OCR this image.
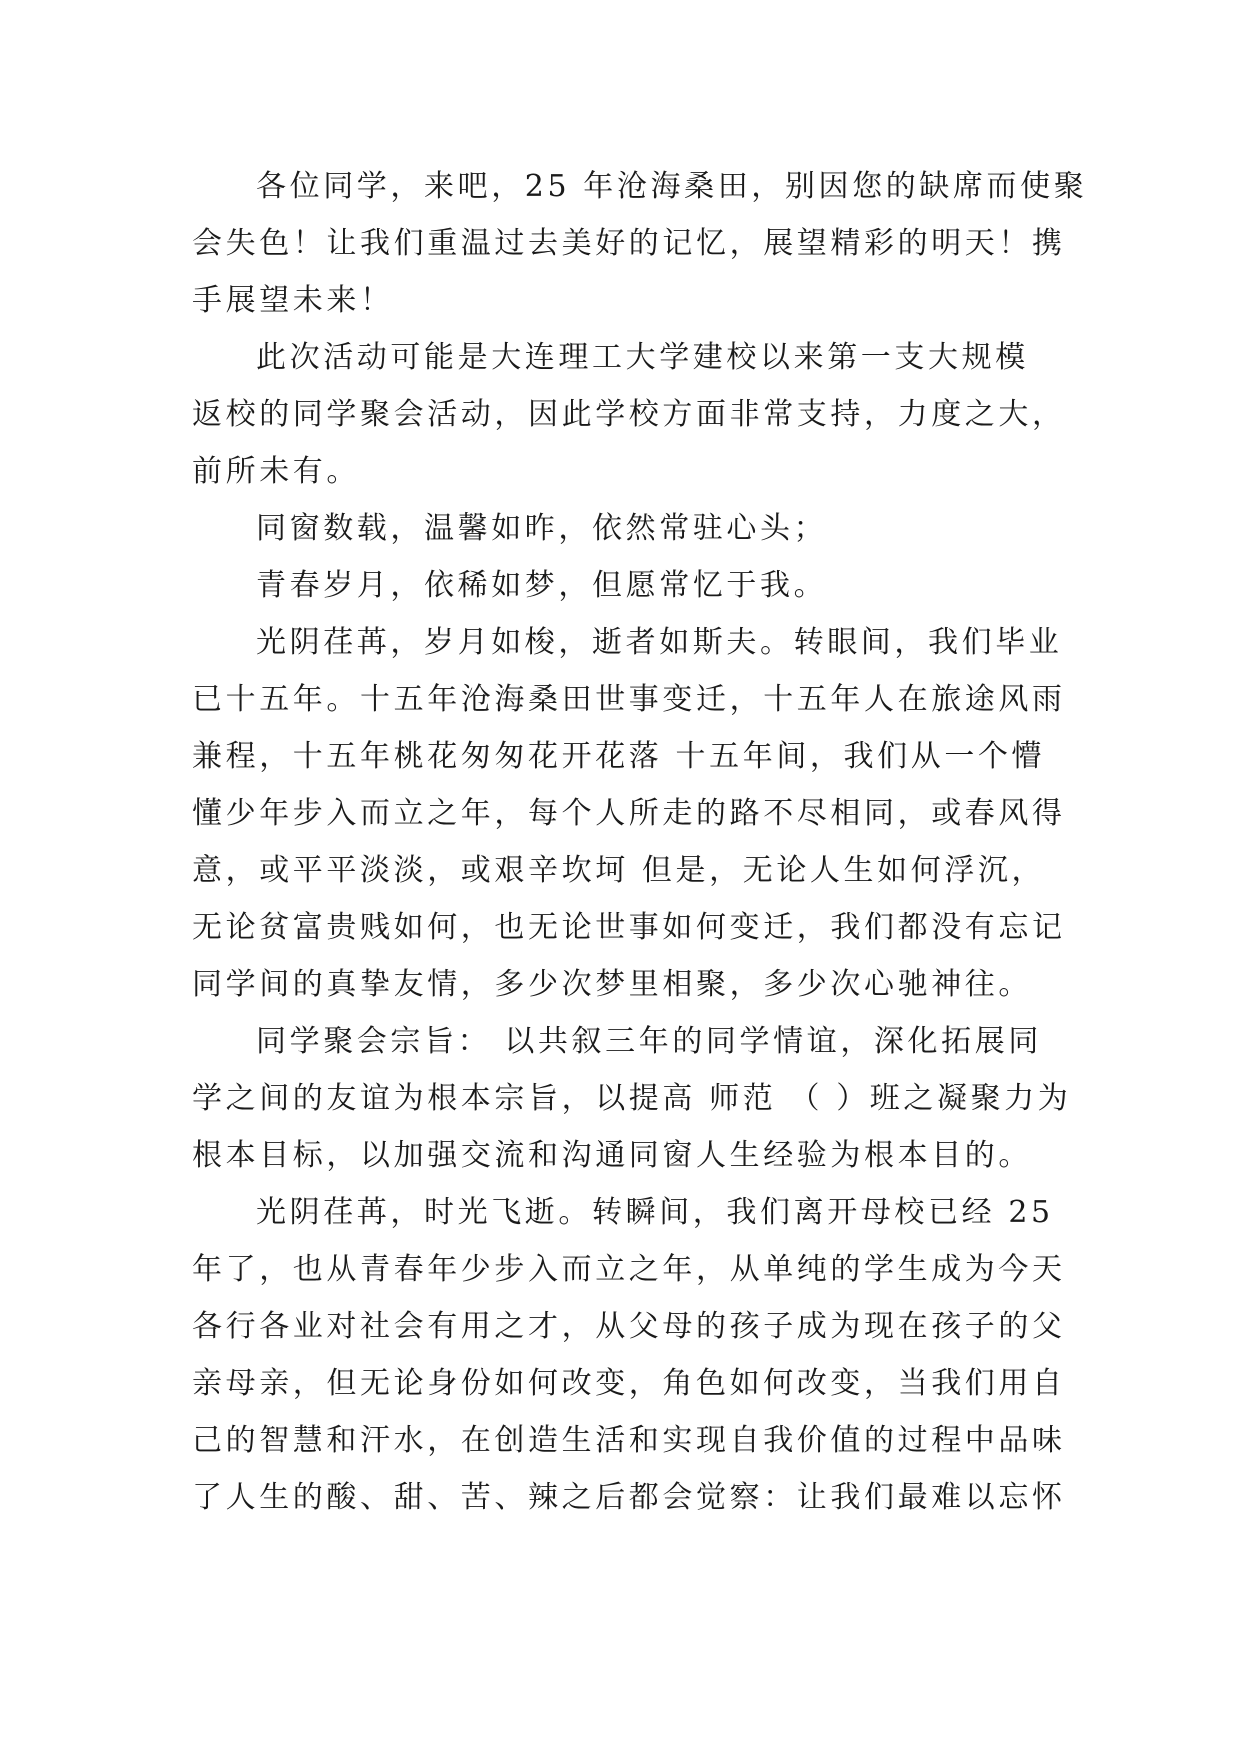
各位同学，来吧，25 年沧海桑田，别因您的缺席而使聚
会失色！让我们重温过去美好的记忆，展望精彩的明天！携
手展望未来！
此次活动可能是大连理工大学建校以来第一支大规模
返校的同学聚会活动，因此学校方面非常支持，力度之大，
前所未有。
同窗数载，温馨如昨，依然常驻心头；
青春岁月，依稀如梦，但愿常忆于我。
光阴荏苒，岁月如梭，逝者如斯夫。转眼间，我们毕业
已十五年。十五年沧海桑田世事变迁，十五年人在旅途风雨
兼程，十五年桃花匆匆花开花落 十五年间，我们从一个懵
懂少年步入而立之年，每个人所走的路不尽相同，或春风得
意，或平平淡淡，或艰辛坎坷 但是，无论人生如何浮沉，
无论贫富贵贱如何，也无论世事如何变迁，我们都没有忘记
同学间的真挚友情，多少次梦里相聚，多少次心驰神往。
同学聚会宗旨： 以共叙三年的同学情谊，深化拓展同
学之间的友谊为根本宗旨，以提高 师范 （ ）班之凝聚力为
根本目标，以加强交流和沟通同窗人生经验为根本目的。
光阴荏苒，时光飞逝。转瞬间，我们离开母校已经 25
年了，也从青春年少步入而立之年，从单纯的学生成为今天
各行各业对社会有用之才，从父母的孩子成为现在孩子的父
亲母亲，但无论身份如何改变，角色如何改变，当我们用自
己的智慧和汗水，在创造生活和实现自我价值的过程中品味
了人生的酸、甜、苦、辣之后都会觉察：让我们最难以忘怀
